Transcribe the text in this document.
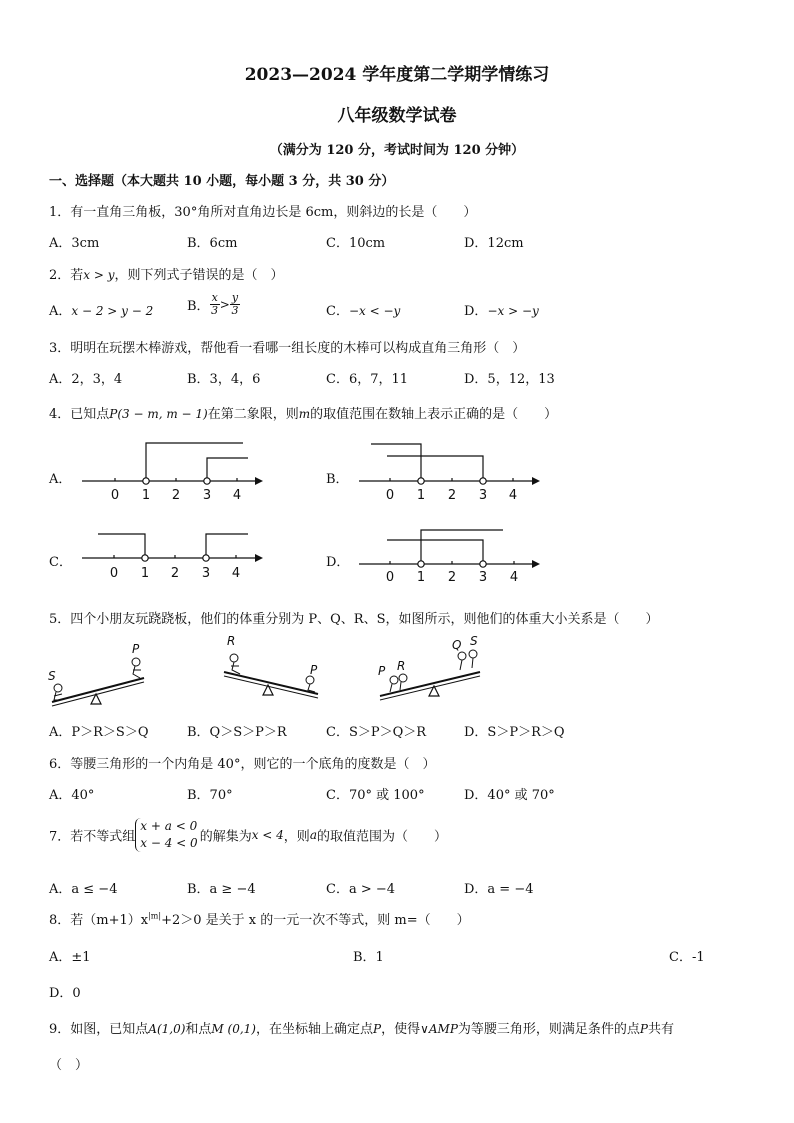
2023—2024 学年度第二学期学情练习
八年级数学试卷
（满分为 120 分，考试时间为 120 分钟）
一、选择题（本大题共 10 小题，每小题 3 分，共 30 分）
1．有一直角三角板，30°角所对直角边长是 6cm，则斜边的长是（　　）
A．3cm	B．6cm	C．10cm	D．12cm
2．若x > y，则下列式子错误的是（　）
A．x − 2 > y − 2	B． $\frac{x}{3} > \frac{y}{3}$	C．−x < −y	D．−x > −y
3．明明在玩摆木棒游戏，帮他看一看哪一组长度的木棒可以构成直角三角形（　）
A．2，3，4	B．3，4，6	C．6，7，11	D．5，12，13
4．已知点P(3 − m, m − 1)在第二象限，则m的取值范围在数轴上表示正确的是（　　）
A．	B．
C．	D．
0 1 2 3 4	0 1 2 3 4
0 1 2 3 4	0 1 2 3 4
5．四个小朋友玩跷跷板，他们的体重分别为 P、Q、R、S，如图所示，则他们的体重大小关系是（　　）
S
P
R
P	P R
Q S
A．P＞R＞S＞Q	B．Q＞S＞P＞R	C．S＞P＞Q＞R	D．S＞P＞R＞Q
6．等腰三角形的一个内角是 40°，则它的一个底角的度数是（　）
A．40°	B．70°	C．70° 或 100°	D．40° 或 70°
7．若不等式组x + a < 0
x − 4 < 0 的解集为x < 4，则a的取值范围为（　　）
A．a ≤ −4	B．a ≥ −4	C．a > −4	D．a = −4
8．若$(m+1)x^{|m|}+2>0$ 是关于 x 的一元一次不等式，则 m=（　　）
A．±1	B．1	C．-1
D．0
9．如图，已知点A(1,0)和点M (0,1)，在坐标轴上确定点P，使得∨AMP为等腰三角形，则满足条件的点P共有
（　）
